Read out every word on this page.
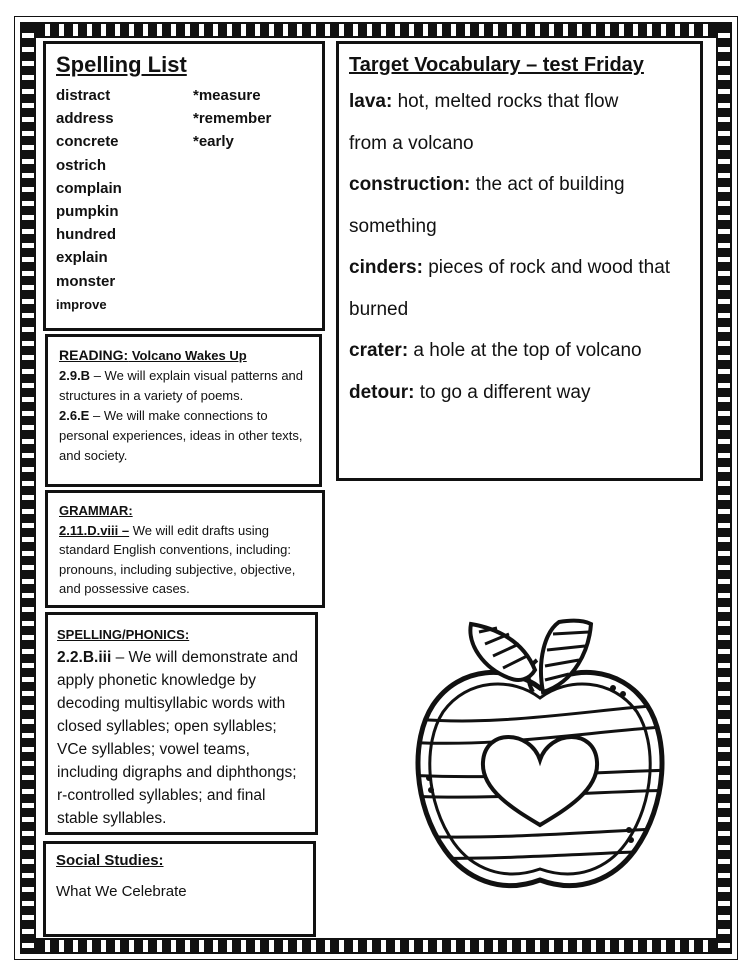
Spelling List
distract
address
concrete
ostrich
complain
pumpkin
hundred
explain
monster
improve
*measure
*remember
*early
Target Vocabulary – test Friday
lava: hot, melted rocks that flow
from a volcano
construction: the act of building
something
cinders: pieces of rock and wood that
burned
crater: a hole at the top of volcano
detour: to go a different way
READING: Volcano Wakes Up
2.9.B – We will explain visual patterns and structures in a variety of poems.
2.6.E – We will make connections to personal experiences, ideas in other texts, and society.
GRAMMAR:
2.11.D.viii – We will edit drafts using standard English conventions, including: pronouns, including subjective, objective, and possessive cases.
SPELLING/PHONICS:
2.2.B.iii – We will demonstrate and apply phonetic knowledge by decoding multisyllabic words with closed syllables; open syllables; VCe syllables; vowel teams, including digraphs and diphthongs; r-controlled syllables; and final stable syllables.
Social Studies:
What We Celebrate
